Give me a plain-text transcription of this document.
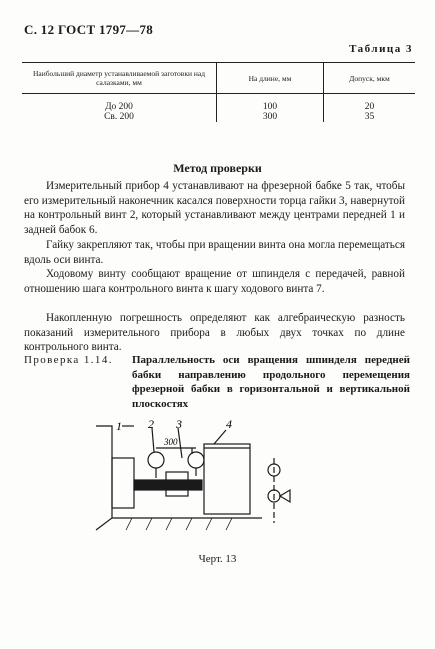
С. 12 ГОСТ 1797—78
Таблица 3
Наибольший диаметр устанавливаемой заготовки над салазками, мм	На длине, мм	Допуск, мкм

До 200	100	20
Св. 200	300	35
Метод проверки

Измерительный прибор 4 устанавливают на фрезерной бабке 5 так, чтобы его измерительный наконечник касался поверхности торца гайки 3, навернутой на контрольный винт 2, который устанавливают между центрами передней 1 и задней бабок 6.

Гайку закрепляют так, чтобы при вращении винта она могла перемещаться вдоль оси винта.

Ходовому винту сообщают вращение от шпинделя с передачей, равной отношению шага контрольного винта к шагу ходового винта 7.

Накопленную погрешность определяют как алгебраическую разность показаний измерительного прибора в любых двух точках по длине контрольного винта.

Проверка 1.14. Параллельность оси вращения шпинделя передней бабки направлению продольного перемещения фрезерной бабки в горизонтальной и вертикальной плоскостях
1 2 3	4
300
Черт. 13
